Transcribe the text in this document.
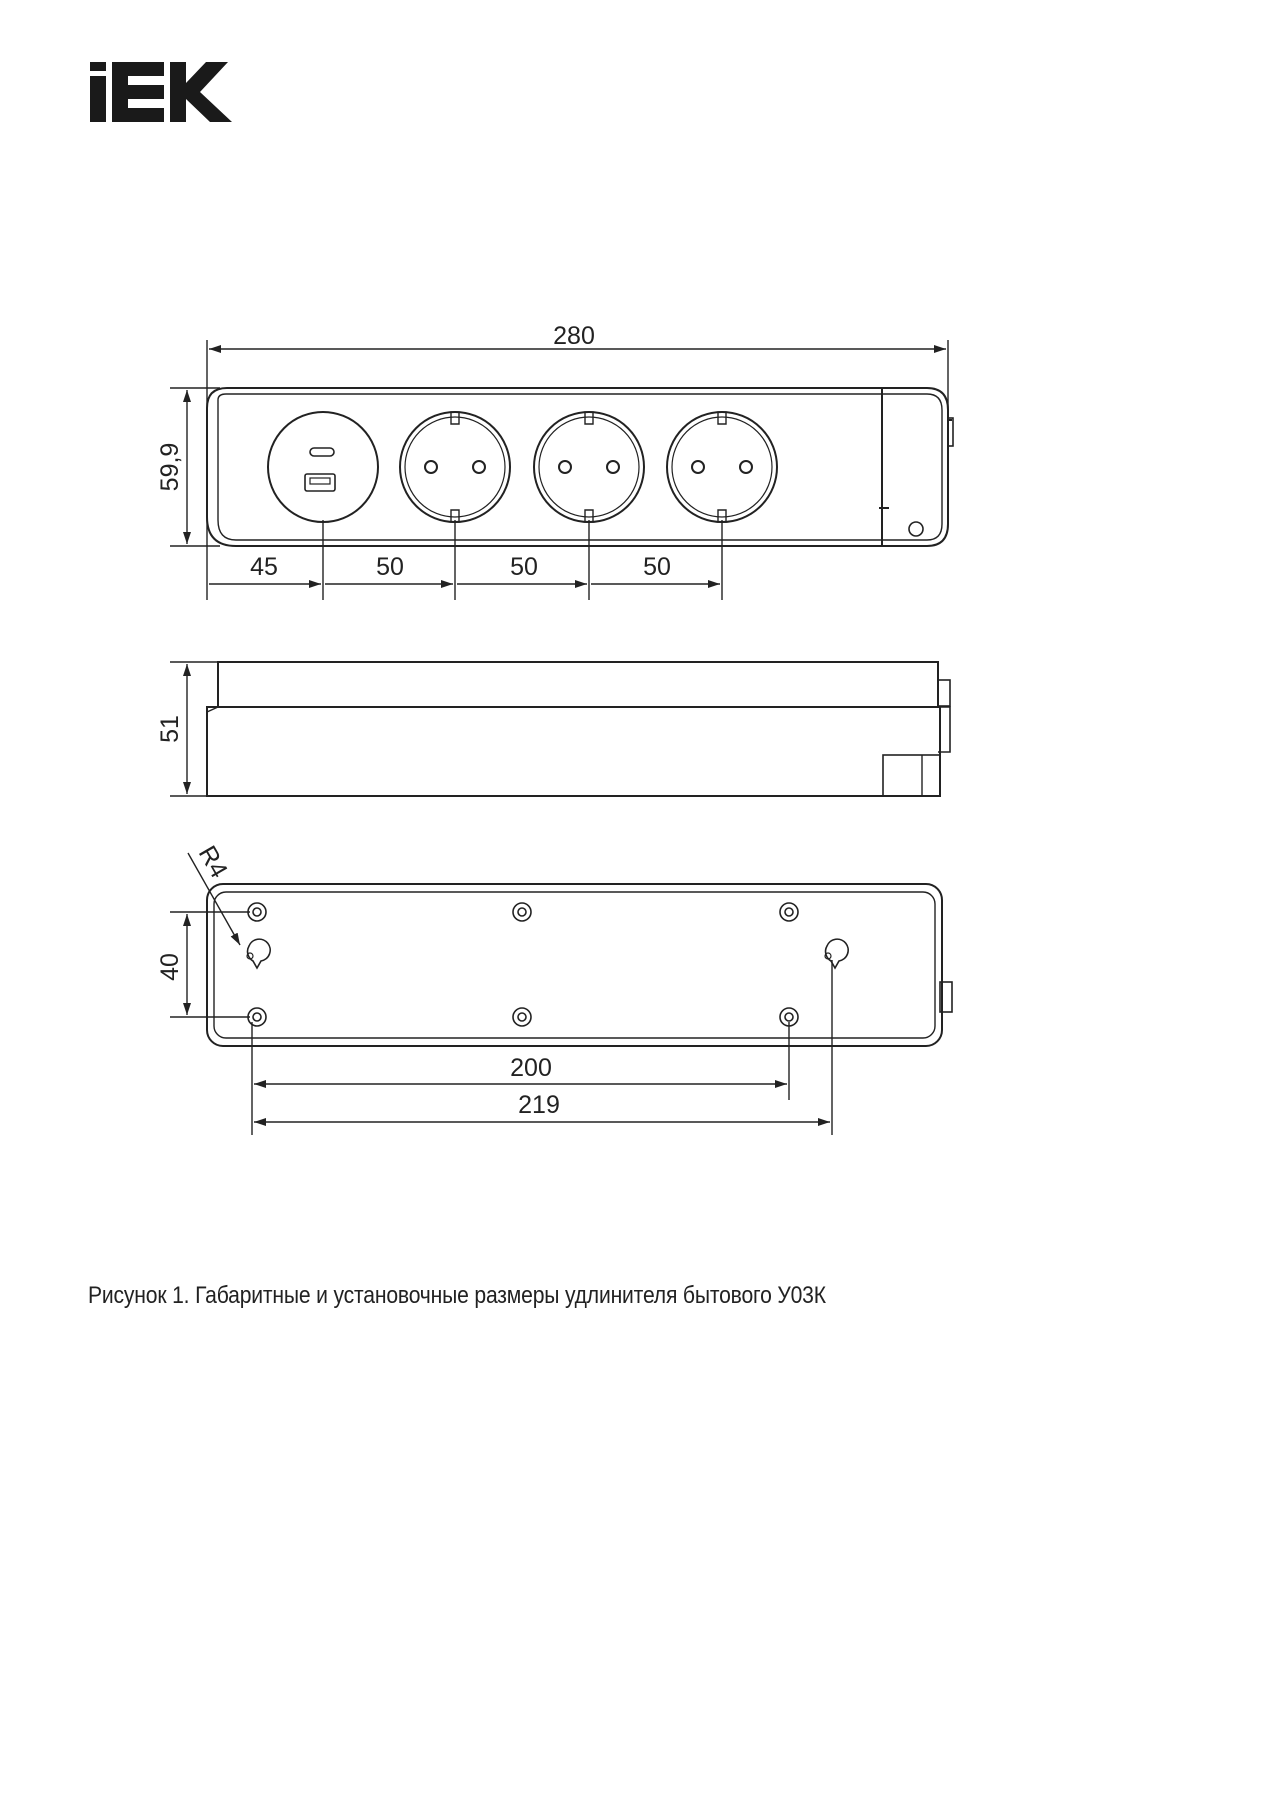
280
59,9
45	50	50	50
51
R4
40
200
219
Рисунок 1. Габаритные и установочные размеры удлинителя бытового У03К
